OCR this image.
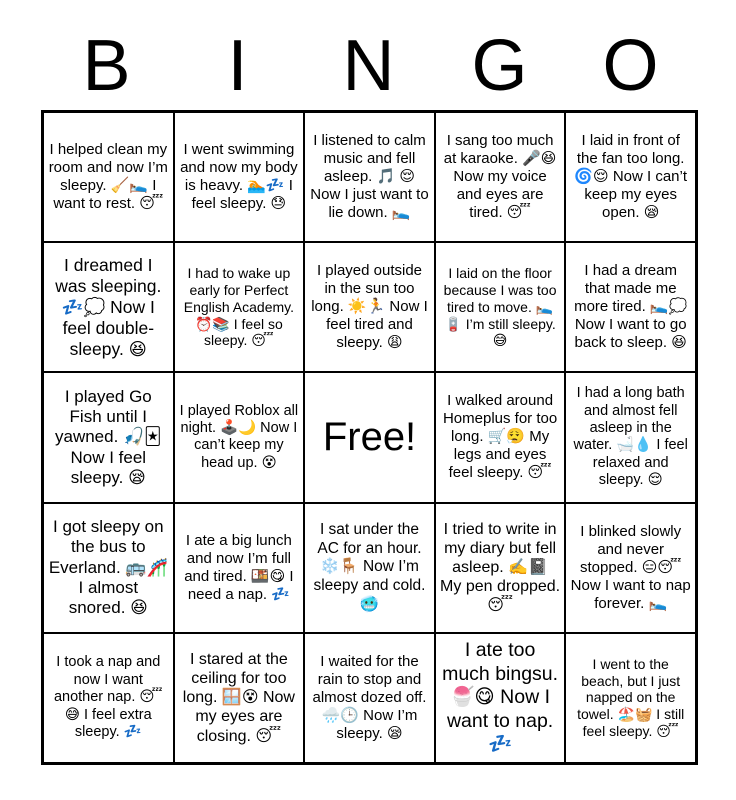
B	I	N	G	O
I helped clean my room and now I’m sleepy. 🧹🛌 I want to rest. 😴
I went swimming and now my body is heavy. 🏊💤 I feel sleepy. 😓
I listened to calm music and fell asleep. 🎵 😌 Now I just want to lie down. 🛌
I sang too much at karaoke. 🎤😆 Now my voice and eyes are tired. 😴
I laid in front of the fan too long. 🌀😌 Now I can’t keep my eyes open. 😪
I dreamed I was sleeping. 💤💭 Now I feel double-sleepy. 😆
I had to wake up early for Perfect English Academy. ⏰📚 I feel so sleepy. 😴
I played outside in the sun too long. ☀️🏃 Now I feel tired and sleepy. 😩
I laid on the floor because I was too tired to move. 🛌🪫 I’m still sleepy. 😅
I had a dream that made me more tired. 🛌💭 Now I want to go back to sleep. 😆
I played Go Fish until I yawned. 🎣🃏 Now I feel sleepy. 😪
I played Roblox all night. 🕹️🌙 Now I can’t keep my head up. 😵
Free!
I walked around Homeplus for too long. 🛒😮‍💨 My legs and eyes feel sleepy. 😴
I had a long bath and almost fell asleep in the water. 🛁💧 I feel relaxed and sleepy. 😌
I got sleepy on the bus to Everland. 🚌🎢 I almost snored. 😆
I ate a big lunch and now I’m full and tired. 🍱😋 I need a nap. 💤
I sat under the AC for an hour. ❄️🪑 Now I’m sleepy and cold. 🥶
I tried to write in my diary but fell asleep. ✍️📓 My pen dropped. 😴
I blinked slowly and never stopped. 😑😴 Now I want to nap forever. 🛌
I took a nap and now I want another nap. 😴😅 I feel extra sleepy. 💤
I stared at the ceiling for too long. 🪟😵 Now my eyes are closing. 😴
I waited for the rain to stop and almost dozed off. 🌧️🕒 Now I’m sleepy. 😪
I ate too much bingsu. 🍧😋 Now I want to nap. 💤
I went to the beach, but I just napped on the towel. 🏖️🧺 I still feel sleepy. 😴
